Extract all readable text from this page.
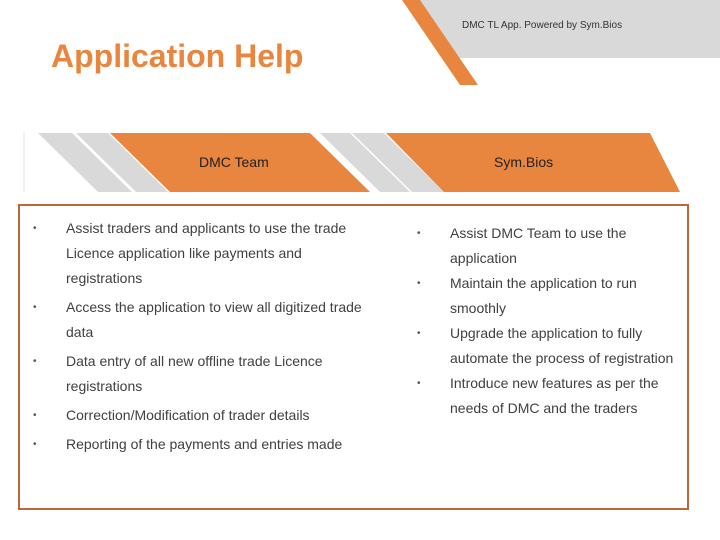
DMC TL App. Powered by Sym.Bios
Application Help
DMC Team	Sym.Bios
• Assist traders and applicants to use the trade
Licence application like payments and
registrations
• Access the application to view all digitized trade
data
• Data entry of all new offline trade Licence
registrations
• Correction/Modification of trader details
• Reporting of the payments and entries made
• Assist DMC Team to use the
application
• Maintain the application to run
smoothly
• Upgrade the application to fully
automate the process of registration
• Introduce new features as per the
needs of DMC and the traders
